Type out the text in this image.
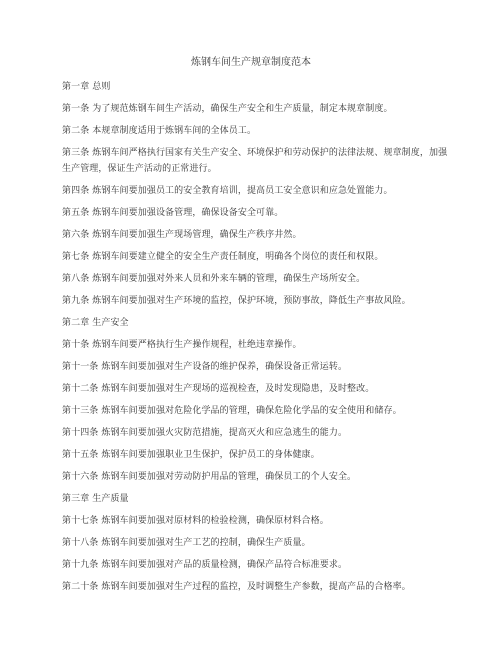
炼钢车间生产规章制度范本

第一章 总则

第一条 为了规范炼钢车间生产活动，确保生产安全和生产质量，制定本规章制度。

第二条 本规章制度适用于炼钢车间的全体员工。

第三条 炼钢车间严格执行国家有关生产安全、环境保护和劳动保护的法律法规、规章制度，加强生产管理，保证生产活动的正常进行。

第四条 炼钢车间要加强员工的安全教育培训，提高员工安全意识和应急处置能力。

第五条 炼钢车间要加强设备管理，确保设备安全可靠。

第六条 炼钢车间要加强生产现场管理，确保生产秩序井然。

第七条 炼钢车间要建立健全的安全生产责任制度，明确各个岗位的责任和权限。

第八条 炼钢车间要加强对外来人员和外来车辆的管理，确保生产场所安全。

第九条 炼钢车间要加强对生产环境的监控，保护环境，预防事故，降低生产事故风险。

第二章 生产安全

第十条 炼钢车间要严格执行生产操作规程，杜绝违章操作。

第十一条 炼钢车间要加强对生产设备的维护保养，确保设备正常运转。

第十二条 炼钢车间要加强对生产现场的巡视检查，及时发现隐患，及时整改。

第十三条 炼钢车间要加强对危险化学品的管理，确保危险化学品的安全使用和储存。

第十四条 炼钢车间要加强火灾防范措施，提高灭火和应急逃生的能力。

第十五条 炼钢车间要加强职业卫生保护，保护员工的身体健康。

第十六条 炼钢车间要加强对劳动防护用品的管理，确保员工的个人安全。

第三章 生产质量

第十七条 炼钢车间要加强对原材料的检验检测，确保原材料合格。

第十八条 炼钢车间要加强对生产工艺的控制，确保生产质量。

第十九条 炼钢车间要加强对产品的质量检测，确保产品符合标准要求。

第二十条 炼钢车间要加强对生产过程的监控，及时调整生产参数，提高产品的合格率。
